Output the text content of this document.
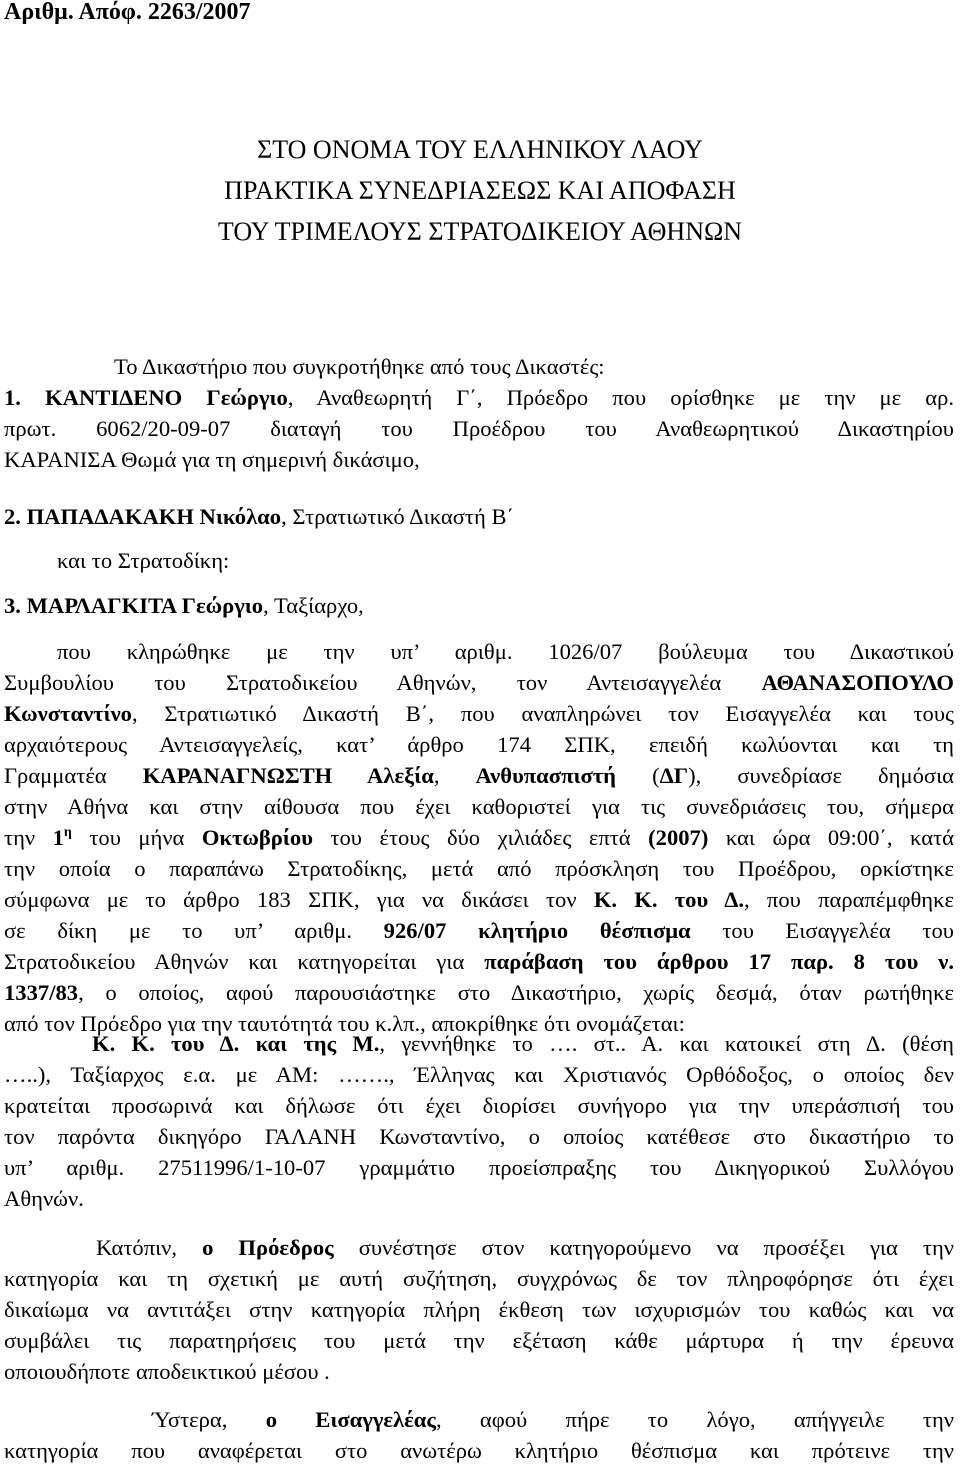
Αριθμ. Απόφ. 2263/2007
ΣΤΟ ΟΝΟΜΑ ΤΟΥ ΕΛΛΗΝΙΚΟΥ ΛΑΟΥ
ΠΡΑΚΤΙΚΑ ΣΥΝΕΔΡΙΑΣΕΩΣ ΚΑΙ ΑΠΟΦΑΣΗ
ΤΟΥ ΤΡΙΜΕΛΟΥΣ ΣΤΡΑΤΟΔΙΚΕΙΟΥ ΑΘΗΝΩΝ
Το Δικαστήριο που συγκροτήθηκε από τους Δικαστές:
1. ΚΑΝΤΙΔΕΝΟ Γεώργιο, Αναθεωρητή Γ΄, Πρόεδρο που ορίσθηκε με την με αρ.
πρωτ. 6062/20-09-07 διαταγή του Προέδρου του Αναθεωρητικού Δικαστηρίου
ΚΑΡΑΝΙΣΑ Θωμά για τη σημερινή δικάσιμο,
2. ΠΑΠΑΔΑΚΑΚΗ Νικόλαο, Στρατιωτικό Δικαστή Β΄
και το Στρατοδίκη:
3. ΜΑΡΛΑΓΚΙΤΑ Γεώργιο, Ταξίαρχο,
που κληρώθηκε με την υπ’ αριθμ. 1026/07 βούλευμα του Δικαστικού
Συμβουλίου του Στρατοδικείου Αθηνών, τον Αντεισαγγελέα ΑΘΑΝΑΣΟΠΟΥΛΟ
Κωνσταντίνο, Στρατιωτικό Δικαστή Β΄, που αναπληρώνει τον Εισαγγελέα και τους
αρχαιότερους Αντεισαγγελείς, κατ’ άρθρο 174 ΣΠΚ, επειδή κωλύονται και τη
Γραμματέα ΚΑΡΑΝΑΓΝΩΣΤΗ Αλεξία, Ανθυπασπιστή (ΔΓ), συνεδρίασε δημόσια
στην Αθήνα και στην αίθουσα που έχει καθοριστεί για τις συνεδριάσεις του, σήμερα
την $1^\eta$ του μήνα Οκτωβρίου του έτους δύο χιλιάδες επτά (2007) και ώρα 09:00΄, κατά
την οποία ο παραπάνω Στρατοδίκης, μετά από πρόσκληση του Προέδρου, ορκίστηκε
σύμφωνα με το άρθρο 183 ΣΠΚ, για να δικάσει τον Κ. Κ. του Δ., που παραπέμφθηκε
σε δίκη με το υπ’ αριθμ. 926/07 κλητήριο θέσπισμα του Εισαγγελέα του
Στρατοδικείου Αθηνών και κατηγορείται για παράβαση του άρθρου 17 παρ. 8 του ν.
1337/83, ο οποίος, αφού παρουσιάστηκε στο Δικαστήριο, χωρίς δεσμά, όταν ρωτήθηκε
από τον Πρόεδρο για την ταυτότητά του κ.λπ., αποκρίθηκε ότι ονομάζεται:
Κ. Κ. του Δ. και της Μ., γεννήθηκε το …. στ.. Α. και κατοικεί στη Δ. (θέση
…..), Ταξίαρχος ε.α. με ΑΜ: ……., Έλληνας και Χριστιανός Ορθόδοξος, ο οποίος δεν
κρατείται προσωρινά και δήλωσε ότι έχει διορίσει συνήγορο για την υπεράσπισή του
τον παρόντα δικηγόρο ΓΑΛΑΝΗ Κωνσταντίνο, ο οποίος κατέθεσε στο δικαστήριο το
υπ’ αριθμ. 27511996/1-10-07 γραμμάτιο προείσπραξης του Δικηγορικού Συλλόγου
Αθηνών.
Κατόπιν, ο Πρόεδρος συνέστησε στον κατηγορούμενο να προσέξει για την
κατηγορία και τη σχετική με αυτή συζήτηση, συγχρόνως δε τον πληροφόρησε ότι έχει
δικαίωμα να αντιτάξει στην κατηγορία πλήρη έκθεση των ισχυρισμών του καθώς και να
συμβάλει τις παρατηρήσεις του μετά την εξέταση κάθε μάρτυρα ή την έρευνα
οποιουδήποτε αποδεικτικού μέσου .
Ύστερα, ο Εισαγγελέας, αφού πήρε το λόγο, απήγγειλε την
κατηγορία που αναφέρεται στο ανωτέρω κλητήριο θέσπισμα και πρότεινε την
